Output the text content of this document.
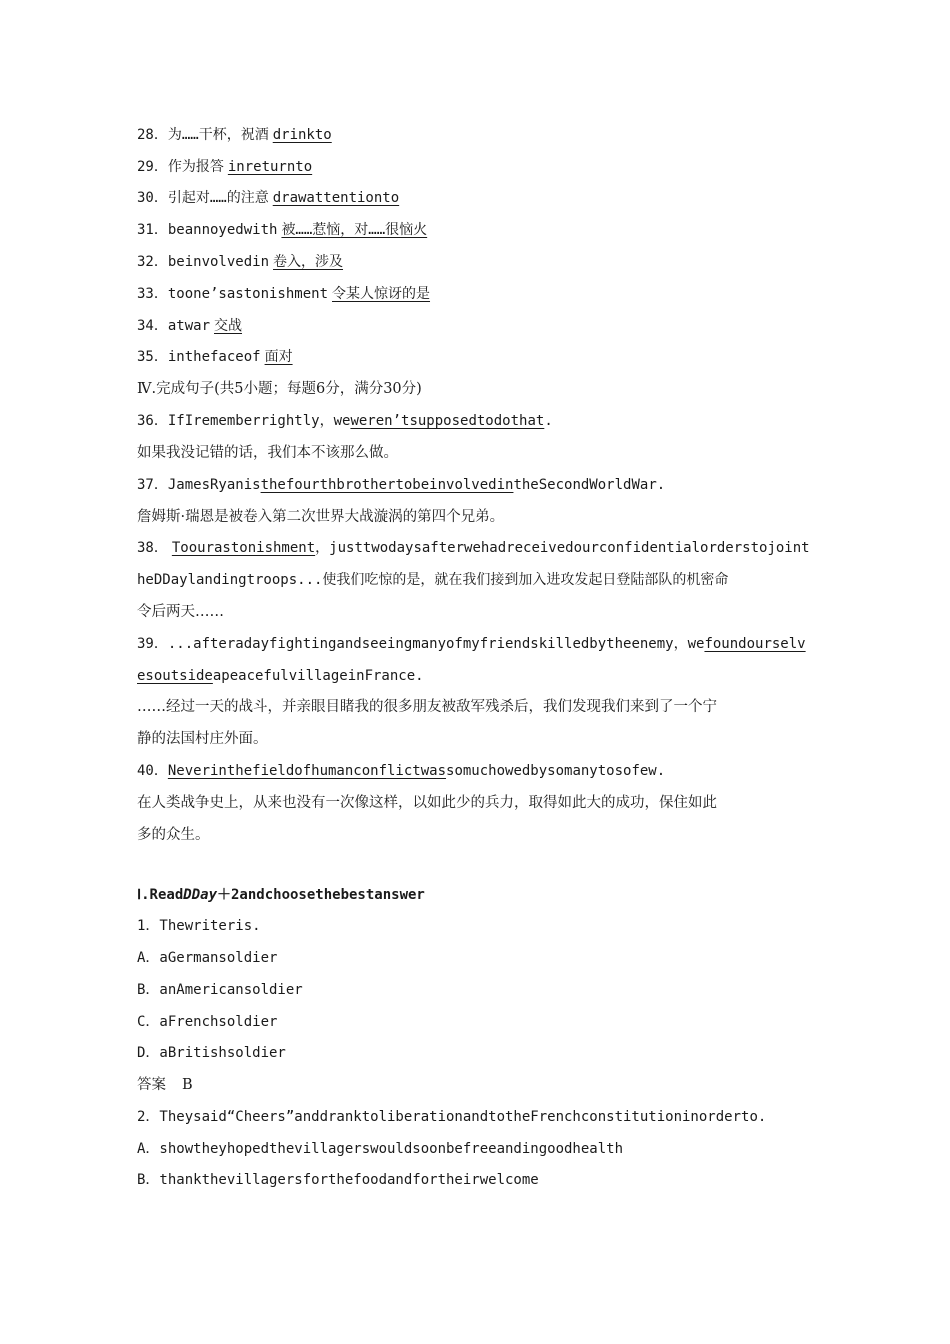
28．为……干杯，祝酒 drinkto
29．作为报答 inreturnto
30．引起对……的注意 drawattentionto
31．beannoyedwith 被……惹恼，对……很恼火
32．beinvolvedin 卷入，涉及
33．toone’sastonishment 令某人惊讶的是
34．atwar 交战
35．inthefaceof 面对
Ⅳ.完成句子(共5小题；每题6分，满分30分)
36．IfIrememberrightly，weweren’tsupposedtodothat.
如果我没记错的话，我们本不该那么做。
37．JamesRyanisthefourthbrothertobeinvolvedintheSecondWorldWar.
詹姆斯·瑞恩是被卷入第二次世界大战漩涡的第四个兄弟。
38． Toourastonishment，justtwodaysafterwehadreceivedourconfidentialorderstojoint
heDDaylandingtroops...使我们吃惊的是，就在我们接到加入进攻发起日登陆部队的机密命
令后两天……
39．...afteradayfightingandseeingmanyofmyfriendskilledbytheenemy，wefoundourselv
esoutsideapeacefulvillageinFrance.
……经过一天的战斗，并亲眼目睹我的很多朋友被敌军残杀后，我们发现我们来到了一个宁
静的法国村庄外面。
40．Neverinthefieldofhumanconflictwassomuchowedbysomanytosofew.
在人类战争史上，从来也没有一次像这样，以如此少的兵力，取得如此大的成功，保住如此
多的众生。
Ⅰ.ReadDDay＋2andchoosethebestanswer
1．Thewriteris.
A．aGermansoldier
B．anAmericansoldier
C．aFrenchsoldier
D．aBritishsoldier
答案 B
2．Theysaid“Cheers”anddranktoliberationandtotheFrenchconstitutioninorderto.
A．showtheyhopedthevillagerswouldsoonbefreeandingoodhealth
B．thankthevillagersforthefoodandfortheirwelcome
